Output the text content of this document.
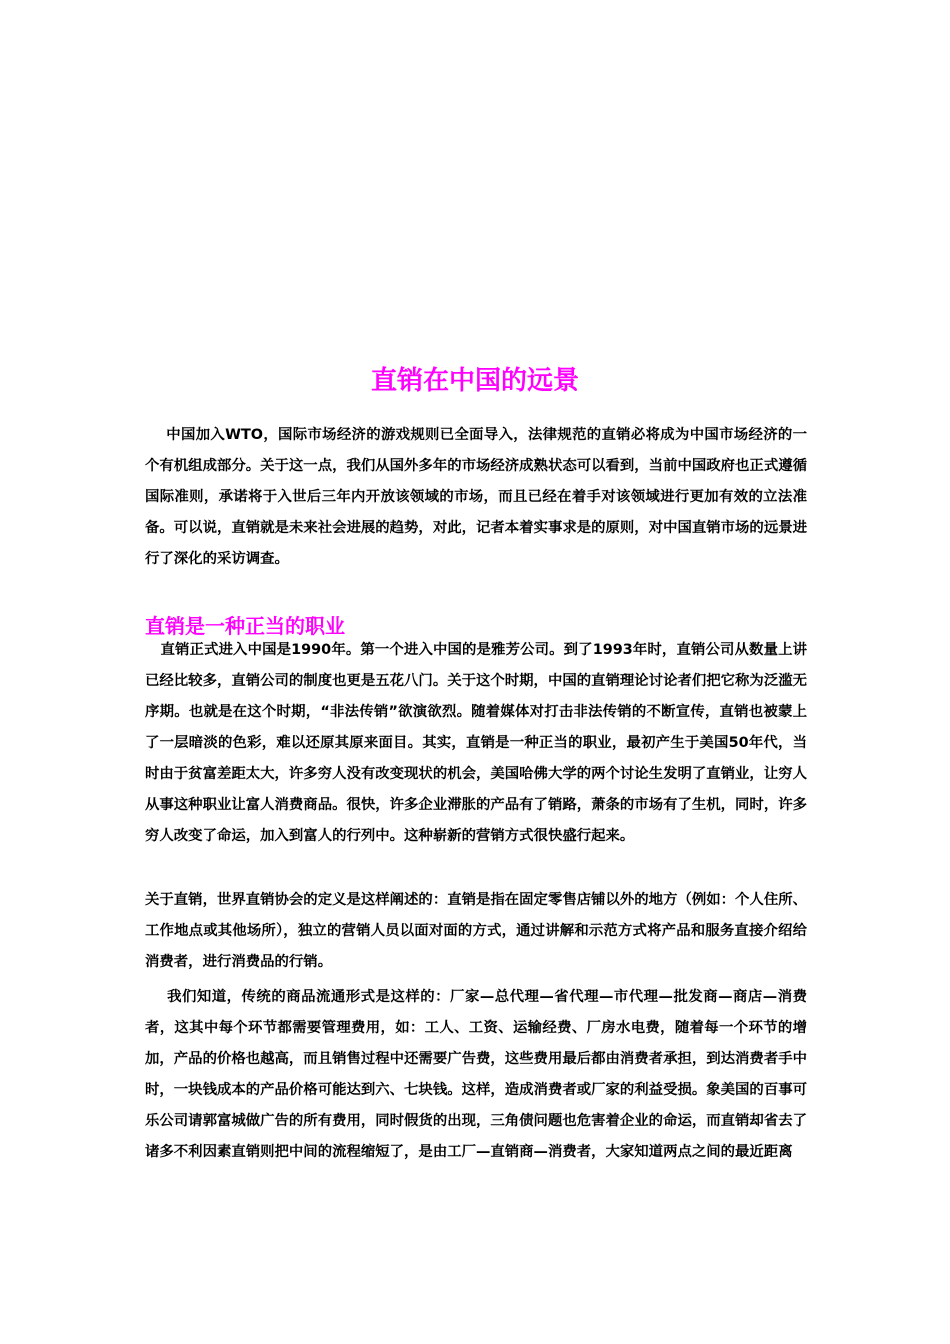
直销在中国的远景

中国加入WTO，国际市场经济的游戏规则已全面导入，法律规范的直销必将成为中国市场经济的一个有机组成部分。关于这一点，我们从国外多年的市场经济成熟状态可以看到，当前中国政府也正式遵循国际准则，承诺将于入世后三年内开放该领域的市场，而且已经在着手对该领域进行更加有效的立法准备。可以说，直销就是未来社会进展的趋势，对此，记者本着实事求是的原则，对中国直销市场的远景进行了深化的采访调查。

直销是一种正当的职业

直销正式进入中国是1990年。第一个进入中国的是雅芳公司。到了1993年时，直销公司从数量上讲已经比较多，直销公司的制度也更是五花八门。关于这个时期，中国的直销理论讨论者们把它称为泛滥无序期。也就是在这个时期，“非法传销”欲演欲烈。随着媒体对打击非法传销的不断宣传，直销也被蒙上了一层暗淡的色彩，难以还原其原来面目。其实，直销是一种正当的职业，最初产生于美国50年代，当时由于贫富差距太大，许多穷人没有改变现状的机会，美国哈佛大学的两个讨论生发明了直销业，让穷人从事这种职业让富人消费商品。很快，许多企业滞胀的产品有了销路，萧条的市场有了生机，同时，许多穷人改变了命运，加入到富人的行列中。这种崭新的营销方式很快盛行起来。

关于直销，世界直销协会的定义是这样阐述的：直销是指在固定零售店铺以外的地方（例如：个人住所、工作地点或其他场所），独立的营销人员以面对面的方式，通过讲解和示范方式将产品和服务直接介绍给消费者，进行消费品的行销。

我们知道，传统的商品流通形式是这样的：厂家—总代理—省代理—市代理—批发商—商店—消费者，这其中每个环节都需要管理费用，如：工人、工资、运输经费、厂房水电费，随着每一个环节的增加，产品的价格也越高，而且销售过程中还需要广告费，这些费用最后都由消费者承担，到达消费者手中时，一块钱成本的产品价格可能达到六、七块钱。这样，造成消费者或厂家的利益受损。象美国的百事可乐公司请郭富城做广告的所有费用，同时假货的出现，三角债问题也危害着企业的命运，而直销却省去了诸多不利因素直销则把中间的流程缩短了，是由工厂—直销商—消费者，大家知道两点之间的最近距离
